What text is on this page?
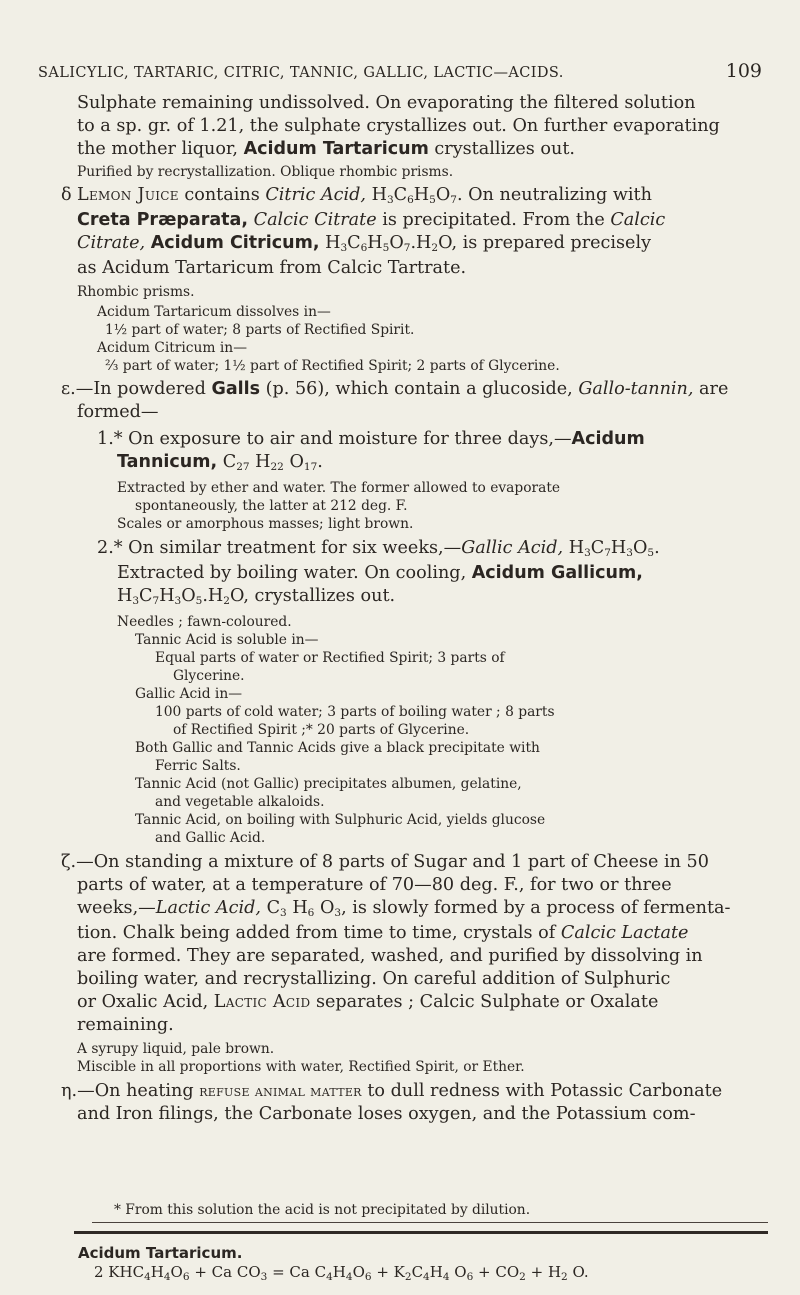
SALICYLIC, TARTARIC, CITRIC, TANNIC, GALLIC, LACTIC—ACIDS.	109

Sulphate remaining undissolved. On evaporating the filtered solution

to a sp. gr. of 1.21, the sulphate crystallizes out. On further evaporating

the mother liquor, Acidum Tartaricum crystallizes out.

Purified by recrystallization. Oblique rhombic prisms.

δ Lemon Juice contains Citric Acid, H3C6H5O7. On neutralizing with

Creta Præparata, Calcic Citrate is precipitated. From the Calcic

Citrate, Acidum Citricum, H3C6H5O7.H2O, is prepared precisely

as Acidum Tartaricum from Calcic Tartrate.

Rhombic prisms.

Acidum Tartaricum dissolves in—

1½ part of water; 8 parts of Rectified Spirit.

Acidum Citricum in—

⅔ part of water; 1½ part of Rectified Spirit; 2 parts of Glycerine.

ε.—In powdered Galls (p. 56), which contain a glucoside, Gallo-tannin, are

formed—

1.* On exposure to air and moisture for three days,—Acidum

Tannicum, C27 H22 O17.

Extracted by ether and water. The former allowed to evaporate

spontaneously, the latter at 212 deg. F.

Scales or amorphous masses; light brown.

2.* On similar treatment for six weeks,—Gallic Acid, H3C7H3O5.

Extracted by boiling water. On cooling, Acidum Gallicum,

H3C7H3O5.H2O, crystallizes out.

Needles ; fawn-coloured.

Tannic Acid is soluble in—

Equal parts of water or Rectified Spirit; 3 parts of

Glycerine.

Gallic Acid in—

100 parts of cold water; 3 parts of boiling water ; 8 parts

of Rectified Spirit ;* 20 parts of Glycerine.

Both Gallic and Tannic Acids give a black precipitate with

Ferric Salts.

Tannic Acid (not Gallic) precipitates albumen, gelatine,

and vegetable alkaloids.

Tannic Acid, on boiling with Sulphuric Acid, yields glucose

and Gallic Acid.

ζ.—On standing a mixture of 8 parts of Sugar and 1 part of Cheese in 50

parts of water, at a temperature of 70—80 deg. F., for two or three

weeks,—Lactic Acid, C3 H6 O3, is slowly formed by a process of fermenta-

tion. Chalk being added from time to time, crystals of Calcic Lactate

are formed. They are separated, washed, and purified by dissolving in

boiling water, and recrystallizing. On careful addition of Sulphuric

or Oxalic Acid, Lactic Acid separates ; Calcic Sulphate or Oxalate

remaining.

A syrupy liquid, pale brown.

Miscible in all proportions with water, Rectified Spirit, or Ether.

η.—On heating refuse animal matter to dull redness with Potassic Carbonate

and Iron filings, the Carbonate loses oxygen, and the Potassium com-

* From this solution the acid is not precipitated by dilution.
Acidum Tartaricum.
2 $KHC_4H_4O_6 + Ca$ $CO_3 = Ca$ $C_4H_4O_6 + K_2C_4H_4$ $O_6 + CO_2 + H_2$ O.
